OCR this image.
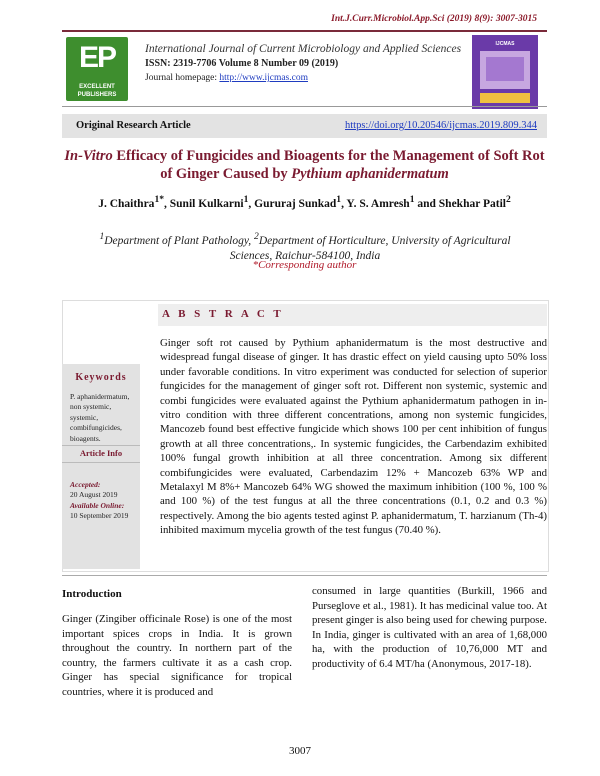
Int.J.Curr.Microbiol.App.Sci (2019) 8(9): 3007-3015
EP
EXCELLENT
PUBLISHERS
International Journal of Current Microbiology and Applied Sciences
ISSN: 2319-7706 Volume 8 Number 09 (2019)
Journal homepage: http://www.ijcmas.com
IJCMAS
Original Research Article	https://doi.org/10.20546/ijcmas.2019.809.344
In-Vitro Efficacy of Fungicides and Bioagents for the Management of Soft Rot of Ginger Caused by Pythium aphanidermatum
J. Chaithra$^{1*}$, Sunil Kulkarni$^1$, Gururaj Sunkad$^1$, Y. S. Amresh$^1$ and Shekhar Patil$^2$
$^1$Department of Plant Pathology, $^2$Department of Horticulture, University of Agricultural Sciences, Raichur-584100, India
*Corresponding author
A B S T R A C T
Ginger soft rot caused by Pythium aphanidermatum is the most destructive and widespread fungal disease of ginger. It has drastic effect on yield causing upto 50% loss under favorable conditions. In vitro experiment was conducted for selection of superior fungicides for the management of ginger soft rot. Different non systemic, systemic and combi fungicides were evaluated against the Pythium aphanidermatum pathogen in in-vitro condition with three different concentrations, among non systemic fungicides, Mancozeb found best effective fungicide which shows 100 per cent inhibition of fungus growth at all three concentrations,. In systemic fungicides, the Carbendazim exhibited 100% fungal growth inhibition at all three concentration. Among six different combifungicides were evaluated, Carbendazim 12% + Mancozeb 63% WP and Metalaxyl M 8%+ Mancozeb 64% WG showed the maximum inhibition (100 %, 100 % and 100 %) of the test fungus at all the three concentrations (0.1, 0.2 and 0.3 %) respectively. Among the bio agents tested aginst P. aphanidermatum, T. harzianum (Th-4) inhibited maximum mycelia growth of the test fungus (70.40 %).
Keywords
P. aphanidermatum, non systemic, systemic, combifungicides, bioagents.
Article Info
Accepted:
20 August 2019
Available Online:
10 September 2019
Introduction
Ginger (Zingiber officinale Rose) is one of the most important spices crops in India. It is grown throughout the country. In northern part of the country, the farmers cultivate it as a cash crop. Ginger has special significance for tropical countries, where it is produced and
consumed in large quantities (Burkill, 1966 and Purseglove et al., 1981). It has medicinal value too. At present ginger is also being used for chewing purpose. In India, ginger is cultivated with an area of 1,68,000 ha, with the production of 10,76,000 MT and productivity of 6.4 MT/ha (Anonymous, 2017-18).
3007
